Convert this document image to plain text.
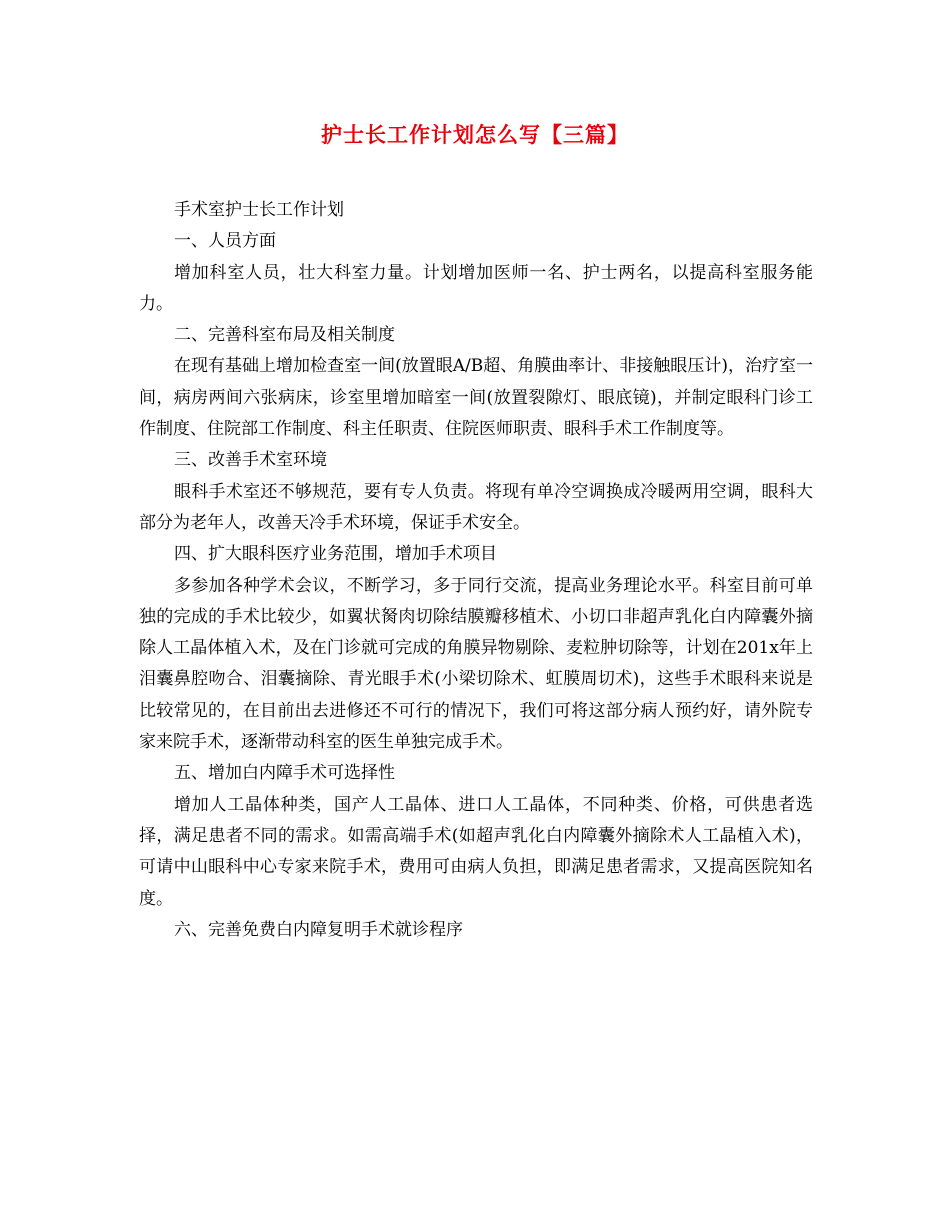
护士长工作计划怎么写【三篇】

手术室护士长工作计划

一、人员方面

增加科室人员，壮大科室力量。计划增加医师一名、护士两名，以提高科室服务能力。

二、完善科室布局及相关制度

在现有基础上增加检查室一间(放置眼A/B超、角膜曲率计、非接触眼压计)，治疗室一间，病房两间六张病床，诊室里增加暗室一间(放置裂隙灯、眼底镜)，并制定眼科门诊工作制度、住院部工作制度、科主任职责、住院医师职责、眼科手术工作制度等。

三、改善手术室环境

眼科手术室还不够规范，要有专人负责。将现有单冷空调换成冷暖两用空调，眼科大部分为老年人，改善天冷手术环境，保证手术安全。

四、扩大眼科医疗业务范围，增加手术项目

多参加各种学术会议，不断学习，多于同行交流，提高业务理论水平。科室目前可单独的完成的手术比较少，如翼状胬肉切除结膜瓣移植术、小切口非超声乳化白内障囊外摘除人工晶体植入术，及在门诊就可完成的角膜异物剔除、麦粒肿切除等，计划在201x年上泪囊鼻腔吻合、泪囊摘除、青光眼手术(小梁切除术、虹膜周切术)，这些手术眼科来说是比较常见的，在目前出去进修还不可行的情况下，我们可将这部分病人预约好，请外院专家来院手术，逐渐带动科室的医生单独完成手术。

五、增加白内障手术可选择性

增加人工晶体种类，国产人工晶体、进口人工晶体，不同种类、价格，可供患者选择，满足患者不同的需求。如需高端手术(如超声乳化白内障囊外摘除术人工晶植入术)，可请中山眼科中心专家来院手术，费用可由病人负担，即满足患者需求，又提高医院知名度。

六、完善免费白内障复明手术就诊程序
